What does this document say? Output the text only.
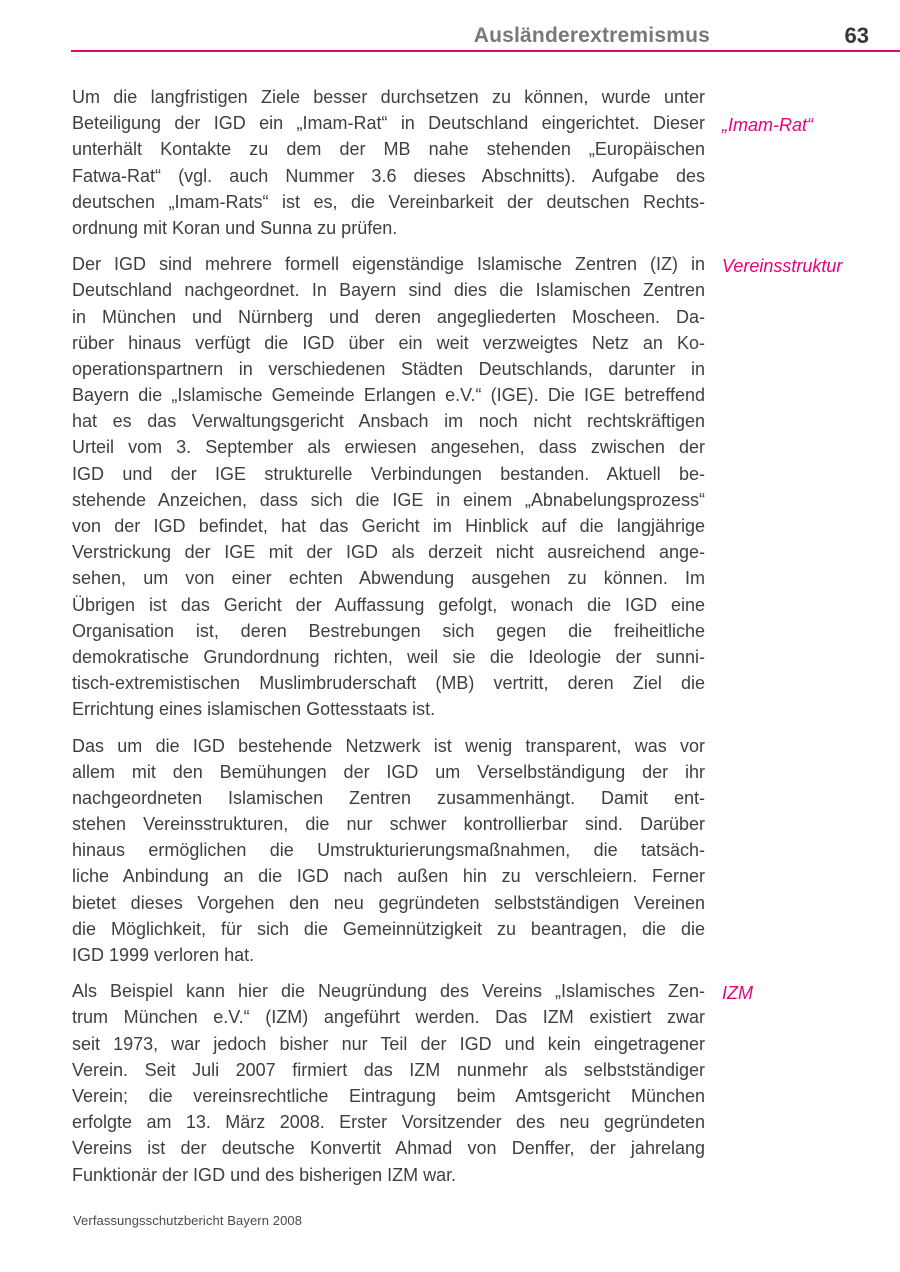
Ausländerextremismus	63
Um die langfristigen Ziele besser durchsetzen zu können, wurde unter
Beteiligung der IGD ein „Imam-Rat“ in Deutschland eingerichtet. Dieser
unterhält Kontakte zu dem der MB nahe stehenden „Europäischen
Fatwa-Rat“ (vgl. auch Nummer 3.6 dieses Abschnitts). Aufgabe des
deutschen „Imam-Rats“ ist es, die Vereinbarkeit der deutschen Rechts-
ordnung mit Koran und Sunna zu prüfen.
„Imam-Rat“
Der IGD sind mehrere formell eigenständige Islamische Zentren (IZ) in
Deutschland nachgeordnet. In Bayern sind dies die Islamischen Zentren
in München und Nürnberg und deren angegliederten Moscheen. Da-
rüber hinaus verfügt die IGD über ein weit verzweigtes Netz an Ko-
operationspartnern in verschiedenen Städten Deutschlands, darunter in
Bayern die „Islamische Gemeinde Erlangen e.V.“ (IGE). Die IGE betreffend
hat es das Verwaltungsgericht Ansbach im noch nicht rechtskräftigen
Urteil vom 3. September als erwiesen angesehen, dass zwischen der
IGD und der IGE strukturelle Verbindungen bestanden. Aktuell be-
stehende Anzeichen, dass sich die IGE in einem „Abnabelungsprozess“
von der IGD befindet, hat das Gericht im Hinblick auf die langjährige
Verstrickung der IGE mit der IGD als derzeit nicht ausreichend ange-
sehen, um von einer echten Abwendung ausgehen zu können. Im
Übrigen ist das Gericht der Auffassung gefolgt, wonach die IGD eine
Organisation ist, deren Bestrebungen sich gegen die freiheitliche
demokratische Grundordnung richten, weil sie die Ideologie der sunni-
tisch-extremistischen Muslimbruderschaft (MB) vertritt, deren Ziel die
Errichtung eines islamischen Gottesstaats ist.
Vereinsstruktur
Das um die IGD bestehende Netzwerk ist wenig transparent, was vor
allem mit den Bemühungen der IGD um Verselbständigung der ihr
nachgeordneten Islamischen Zentren zusammenhängt. Damit ent-
stehen Vereinsstrukturen, die nur schwer kontrollierbar sind. Darüber
hinaus ermöglichen die Umstrukturierungsmaßnahmen, die tatsäch-
liche Anbindung an die IGD nach außen hin zu verschleiern. Ferner
bietet dieses Vorgehen den neu gegründeten selbstständigen Vereinen
die Möglichkeit, für sich die Gemeinnützigkeit zu beantragen, die die
IGD 1999 verloren hat.
Als Beispiel kann hier die Neugründung des Vereins „Islamisches Zen-
trum München e.V.“ (IZM) angeführt werden. Das IZM existiert zwar
seit 1973, war jedoch bisher nur Teil der IGD und kein eingetragener
Verein. Seit Juli 2007 firmiert das IZM nunmehr als selbstständiger
Verein; die vereinsrechtliche Eintragung beim Amtsgericht München
erfolgte am 13. März 2008. Erster Vorsitzender des neu gegründeten
Vereins ist der deutsche Konvertit Ahmad von Denffer, der jahrelang
Funktionär der IGD und des bisherigen IZM war.
IZM
Verfassungsschutzbericht Bayern 2008
